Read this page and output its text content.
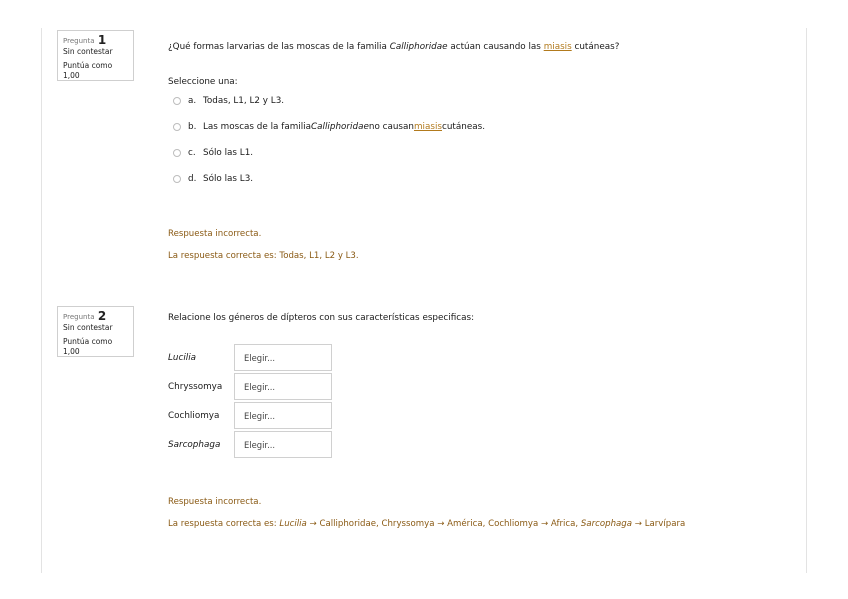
Pregunta 1
Sin contestar
Puntúa como
1,00
¿Qué formas larvarias de las moscas de la familia Calliphoridae actúan causando las miasis cutáneas?
Seleccione una:
a. Todas, L1, L2 y L3.
b. Las moscas de la familia Calliphoridae no causan miasis cutáneas.
c. Sólo las L1.
d. Sólo las L3.
Respuesta incorrecta.
La respuesta correcta es: Todas, L1, L2 y L3.
Pregunta 2
Sin contestar
Puntúa como
1,00
Relacione los géneros de dípteros con sus características especificas:
Lucilia	Elegir...
Chryssomya	Elegir...
Cochliomya	Elegir...
Sarcophaga	Elegir...
Respuesta incorrecta.
La respuesta correcta es: Lucilia → Calliphoridae, Chryssomya → América, Cochliomya → Africa, Sarcophaga → Larvípara
